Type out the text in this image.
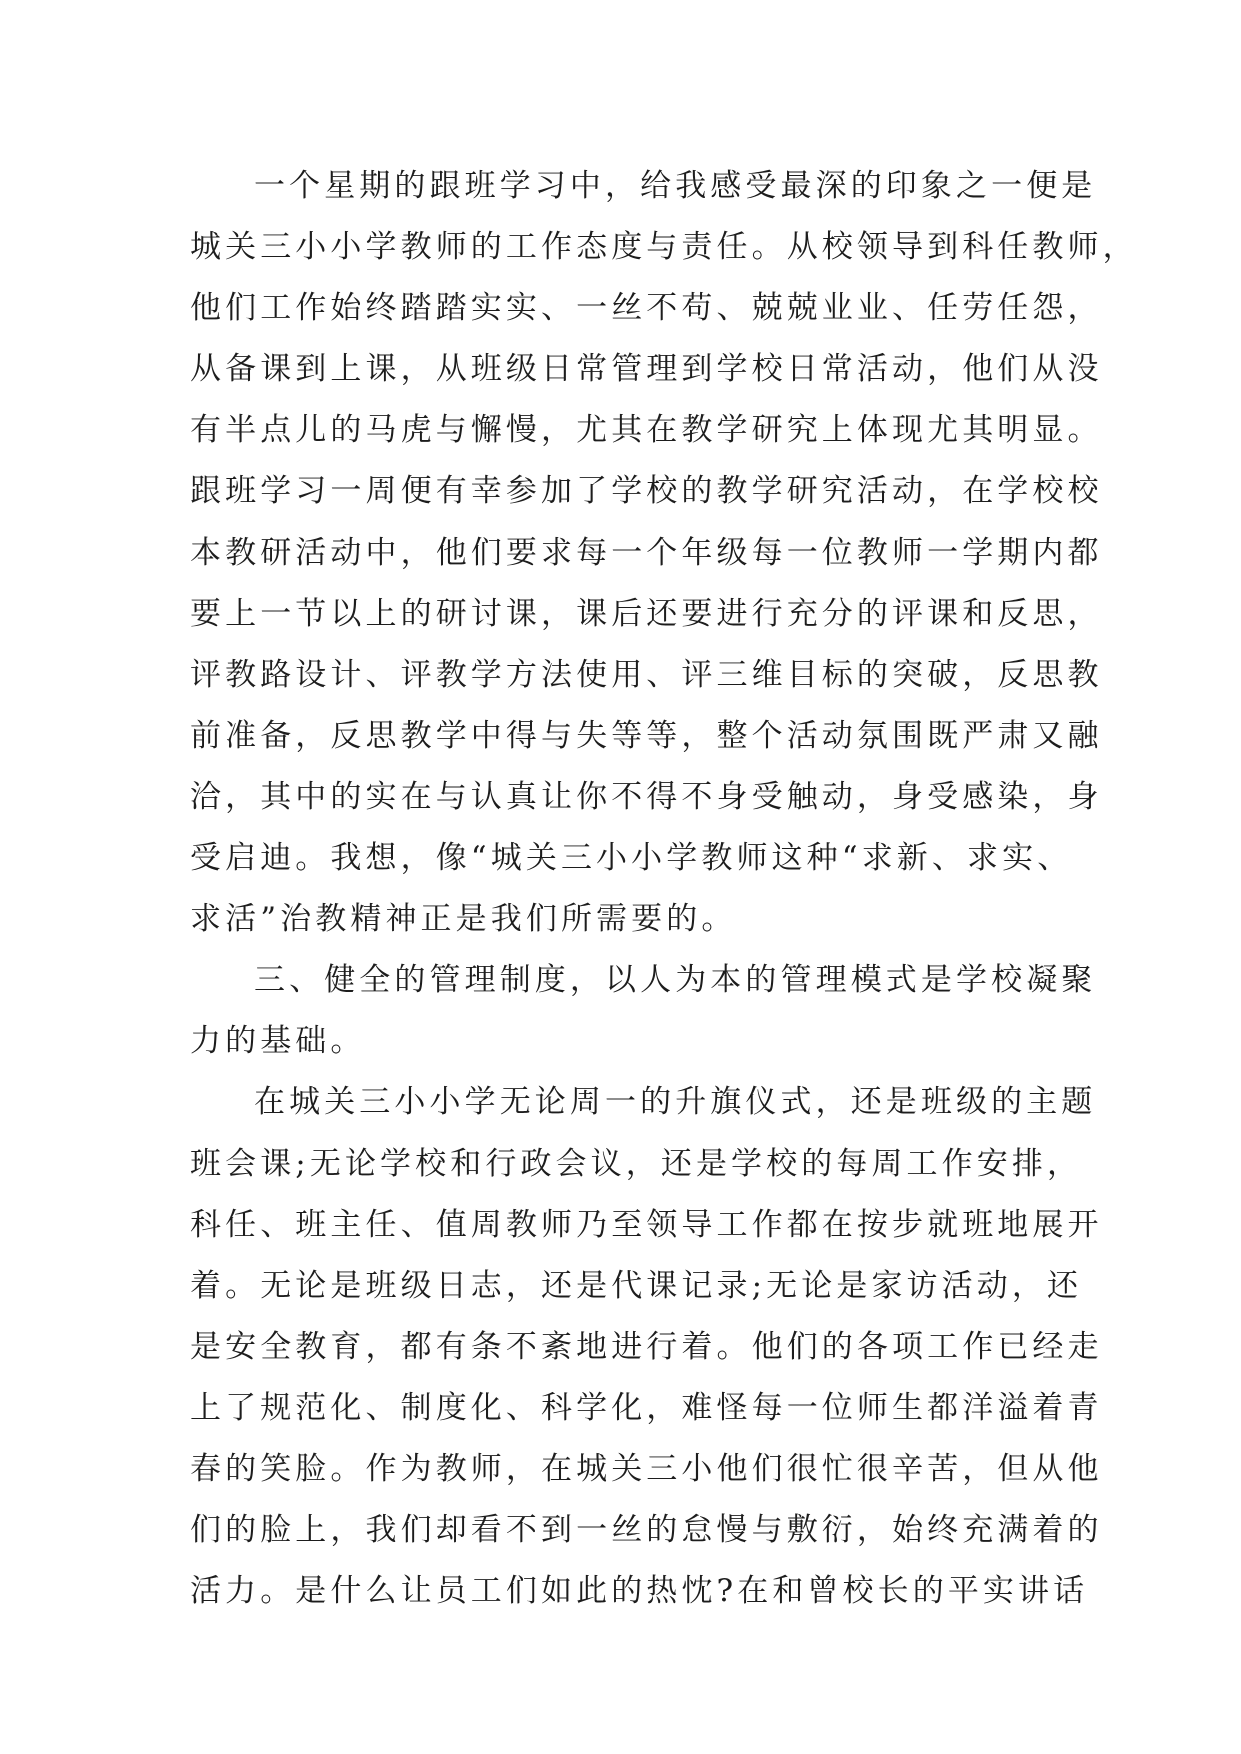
一个星期的跟班学习中，给我感受最深的印象之一便是
城关三小小学教师的工作态度与责任。从校领导到科任教师，
他们工作始终踏踏实实、一丝不苟、兢兢业业、任劳任怨，
从备课到上课，从班级日常管理到学校日常活动，他们从没
有半点儿的马虎与懈慢，尤其在教学研究上体现尤其明显。
跟班学习一周便有幸参加了学校的教学研究活动，在学校校
本教研活动中，他们要求每一个年级每一位教师一学期内都
要上一节以上的研讨课，课后还要进行充分的评课和反思，
评教路设计、评教学方法使用、评三维目标的突破，反思教
前准备，反思教学中得与失等等，整个活动氛围既严肃又融
洽，其中的实在与认真让你不得不身受触动，身受感染，身
受启迪。我想，像“城关三小小学教师这种“求新、求实、
求活”治教精神正是我们所需要的。
三、健全的管理制度，以人为本的管理模式是学校凝聚
力的基础。
在城关三小小学无论周一的升旗仪式，还是班级的主题
班会课;无论学校和行政会议，还是学校的每周工作安排，
科任、班主任、值周教师乃至领导工作都在按步就班地展开
着。无论是班级日志，还是代课记录;无论是家访活动，还
是安全教育，都有条不紊地进行着。他们的各项工作已经走
上了规范化、制度化、科学化，难怪每一位师生都洋溢着青
春的笑脸。作为教师，在城关三小他们很忙很辛苦，但从他
们的脸上，我们却看不到一丝的怠慢与敷衍，始终充满着的
活力。是什么让员工们如此的热忱?在和曾校长的平实讲话
